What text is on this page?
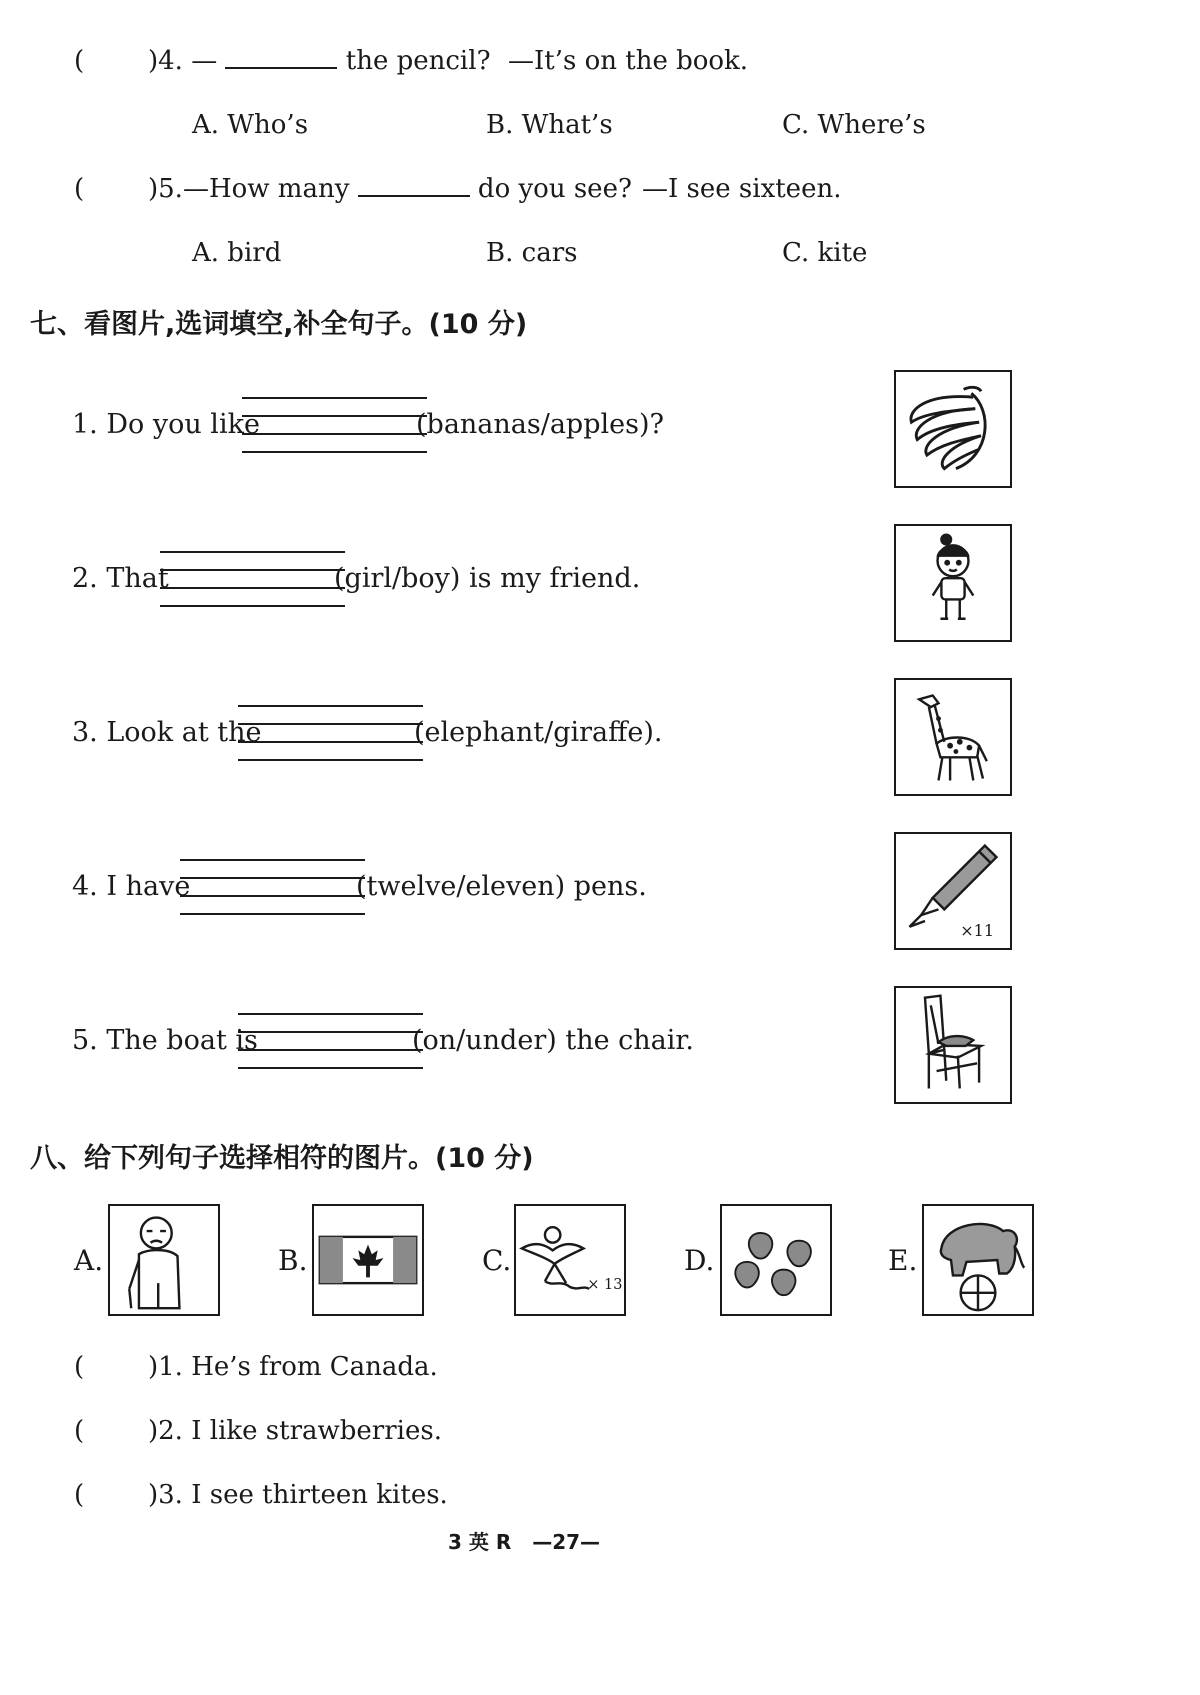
( )4. —	the pencil? —It’s on the book.
A. Who’s	B. What’s	C. Where’s
( )5.—How many	do you see? —I see sixteen.
A. bird	B. cars	C. kite
七、看图片,选词填空,补全句子。(10 分)
1. Do you like	(bananas/apples)?
2. That	(girl/boy) is my friend.
3. Look at the	(elephant/giraffe).
4. I have	(twelve/eleven) pens.
×11
5. The boat is	(on/under) the chair.
八、给下列句子选择相符的图片。(10 分)
A.	B.	C.
× 13
D.	E.
( )1. He’s from Canada.
( )2. I like strawberries.
( )3. I see thirteen kites.
3 英 R —27—
